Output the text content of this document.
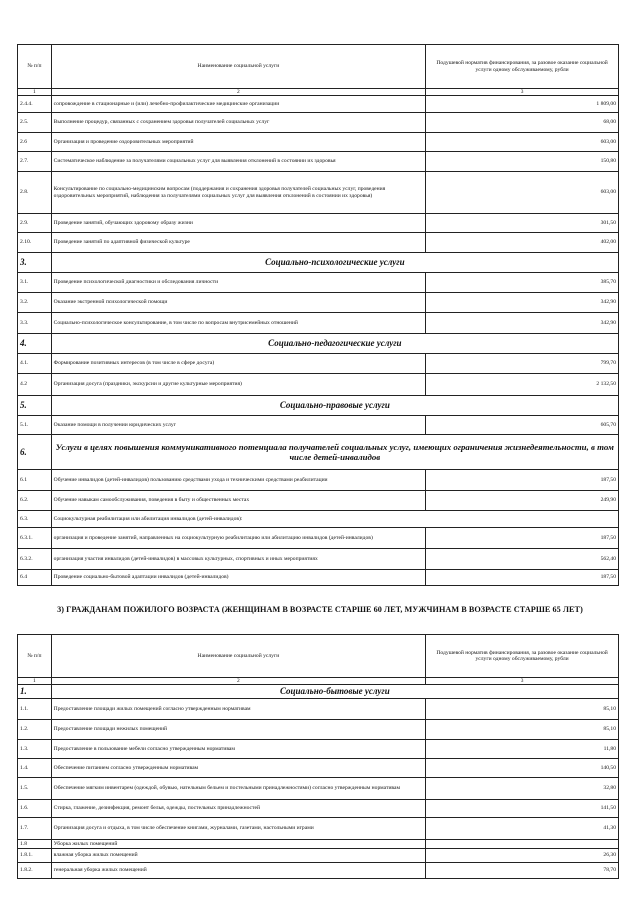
№ п/п	Наименование социальной услуги	Подушевой норматив финансирования, за разовое оказание социальной услуги одному обслуживаемому, рубли
1	2	3
2.4.4.	сопровождение в стационарные и (или) лечебно-профилактические медицинские организации	1 809,00
2.5.	Выполнение процедур, связанных с сохранением здоровья получателей социальных услуг	68,00
2.6	Организация и проведение оздоровительных мероприятий	603,00
2.7.	Систематическое наблюдение за получателями социальных услуг для выявления отклонений в состоянии их здоровья	150,80
2.8.	Консультирование по социально-медицинским вопросам (поддержания и сохранения здоровья получателей социальных услуг, проведения оздоровительных мероприятий, наблюдения за получателями социальных услуг для выявления отклонений в состоянии их здоровья)	603,00
2.9.	Проведение занятий, обучающих здоровому образу жизни	301,50
2.10.	Проведение занятий по адаптивной физической культуре	402,00
3.	Социально-психологические услуги	
3.1.	Проведение психологической диагностики и обследования личности	385,70
3.2.	Оказание экстренной психологической помощи	342,90
3.3.	Социально-психологическое консультирование, в том числе по вопросам внутрисемейных отношений	342,90
4.	Социально-педагогические услуги	
4.1.	Формирование позитивных интересов (в том числе в сфере досуга)	799,70
4.2	Организация досуга (праздники, экскурсии и другие культурные мероприятия)	2 132,50
5.	Социально-правовые услуги	
5.1.	Оказание помощи в получении юридических услуг	605,70
6.	Услуги в целях повышения коммуникативного потенциала получателей социальных услуг, имеющих ограничения жизнедеятельности, в том числе детей-инвалидов	
6.1	Обучение инвалидов (детей-инвалидов) пользованию средствами ухода и техническими средствами реабилитации	187,50
6.2.	Обучение навыкам самообслуживания, поведения в быту и общественных местах	249,90
6.3.	Социокультурная реабилитация или абилитация инвалидов (детей-инвалидов):	
6.3.1.	организация и проведение занятий, направленных на социокультурную реабилитацию или абилитацию инвалидов (детей-инвалидов)	187,50
6.3.2.	организация участия инвалидов (детей-инвалидов) в массовых культурных, спортивных и иных мероприятиях	562,40
6.4	Проведение социально-бытовой адаптации инвалидов (детей-инвалидов)	187,50
3) ГРАЖДАНАМ ПОЖИЛОГО ВОЗРАСТА (ЖЕНЩИНАМ В ВОЗРАСТЕ СТАРШЕ 60 ЛЕТ, МУЖЧИНАМ В ВОЗРАСТЕ СТАРШЕ 65 ЛЕТ)
№ п/п	Наименование социальной услуги	Подушевой норматив финансирования, за разовое оказание социальной услуги одному обслуживаемому, рубли
1	2	3
1.	Социально-бытовые услуги	
1.1.	Предоставление площади жилых помещений согласно утвержденным нормативам	85,10
1.2.	Предоставление площади нежилых помещений	85,10
1.3.	Предоставление в пользование мебели согласно утвержденным нормативам	11,80
1.4.	Обеспечение питанием согласно утвержденным нормативам	140,50
1.5.	Обеспечение мягким инвентарем (одеждой, обувью, нательным бельем и постельными принадлежностями) согласно утвержденным нормативам	32,80
1.6.	Стирка, глажение, дезинфекция, ремонт белья, одежды, постельных принадлежностей	141,50
1.7.	Организация досуга и отдыха, в том числе обеспечение книгами, журналами, газетами, настольными играми	41,30
1.8	Уборка жилых помещений	
1.8.1.	влажная уборка жилых помещений	26,30
1.8.2.	генеральная уборка жилых помещений	78,70
